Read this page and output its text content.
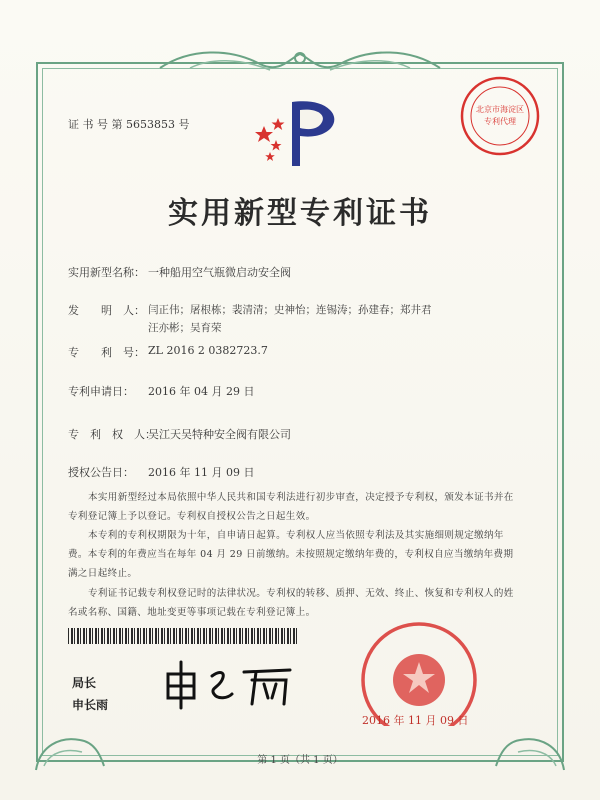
证 书 号 第 5653853 号
北京市海淀区
专利代理
实用新型专利证书
实用新型名称： 一种船用空气瓶微启动安全阀
发　　明　人： 闫正伟；屠根栋；裴清清；史神怡；连锡涛；孙建春；郑井君
汪亦彬；吴育荣
专　　利　号： ZL 2016 2 0382723.7
专利申请日： 2016 年 04 月 29 日
专　利　权　人：
吴江天吴特种安全阀有限公司
授权公告日： 2016 年 11 月 09 日
本实用新型经过本局依照中华人民共和国专利法进行初步审查，决定授予专利权，颁发本证书并在专利登记簿上予以登记。专利权自授权公告之日起生效。
本专利的专利权期限为十年，自申请日起算。专利权人应当依照专利法及其实施细则规定缴纳年费。本专利的年费应当在每年 04 月 29 日前缴纳。未按照规定缴纳年费的，专利权自应当缴纳年费期满之日起终止。
专利证书记载专利权登记时的法律状况。专利权的转移、质押、无效、终止、恢复和专利权人的姓名或名称、国籍、地址变更等事项记载在专利登记簿上。
局长
申长雨
2016 年 11 月 09 日
第 1 页（共 1 页）
